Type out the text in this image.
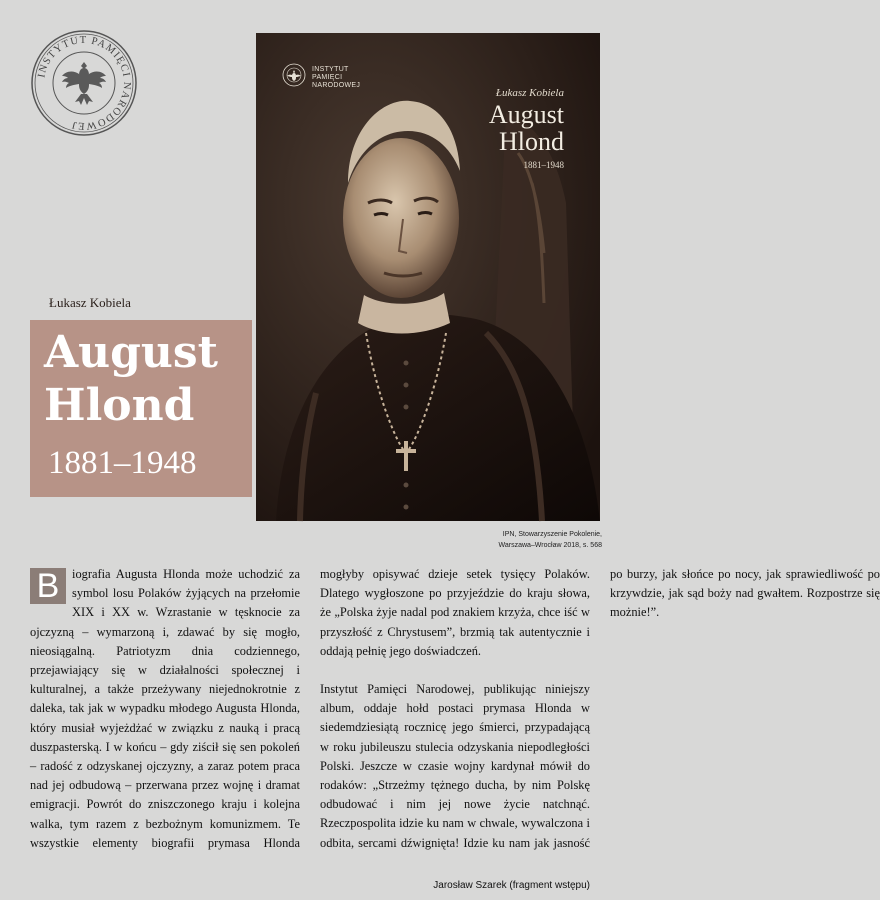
INSTYTUT PAMIĘCI NARODOWEJ
INSTYTUT
PAMIĘCI
NARODOWEJ
Łukasz Kobiela
August
Hlond
1881–1948
IPN, Stowarzyszenie Pokolenie,
Warszawa–Wrocław 2018, s. 568
Łukasz Kobiela
August
Hlond
1881–1948

B	iografia Augusta Hlonda może uchodzić za symbol losu Polaków żyjących na przełomie XIX i XX w. Wzrastanie w tęsknocie za ojczyzną – wymarzoną i, zdawać by się mogło, nieosiągalną. Patriotyzm dnia codziennego, przejawiający się w działalności społecznej i kulturalnej, a także przeżywany niejednokrotnie z daleka, tak jak w wypadku młodego Augusta Hlonda, który musiał wyjeżdżać w związku z nauką i pracą duszpasterską. I w końcu – gdy ziścił się sen pokoleń – radość z odzyskanej ojczyzny, a zaraz potem praca nad jej odbudową – przerwana przez wojnę i dramat emigracji. Powrót do zniszczonego kraju i kolejna walka, tym razem z bezbożnym komunizmem. Te wszystkie elementy biografii prymasa Hlonda mogłyby opisywać dzieje setek tysięcy Polaków. Dlatego wygłoszone po przyjeździe do kraju słowa, że „Polska żyje nadal pod znakiem krzyża, chce iść w przyszłość z Chrystusem”, brzmią tak autentycznie i oddają pełnię jego doświadczeń.

Instytut Pamięci Narodowej, publikując niniejszy album, oddaje hołd postaci prymasa Hlonda w siedemdziesiątą rocznicę jego śmierci, przypadającą w roku jubileuszu stulecia odzyskania niepodległości Polski. Jeszcze w czasie wojny kardynał mówił do rodaków: „Strzeżmy tężnego ducha, by nim Polskę odbudować i nim jej nowe życie natchnąć. Rzeczpospolita idzie ku nam w chwale, wywalczona i odbita, sercami dźwignięta! Idzie ku nam jak jasność po burzy, jak słońce po nocy, jak sprawiedliwość po krzywdzie, jak sąd boży nad gwałtem. Rozpostrze się możnie!”.

Jarosław Szarek (fragment wstępu)
